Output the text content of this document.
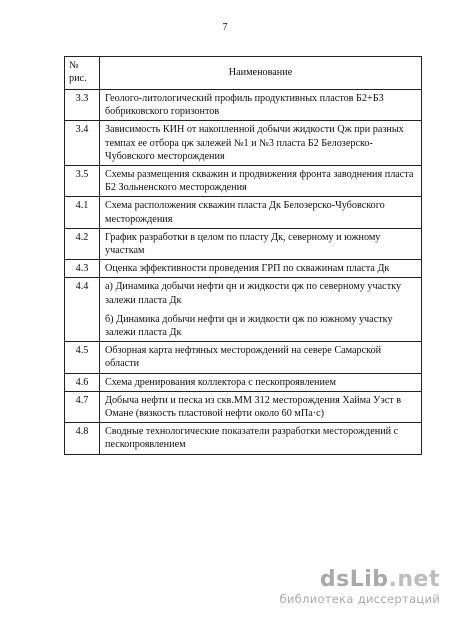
7
№
рис.	Наименование
3.3	Геолого-литологический профиль продуктивных пластов Б2+Б3 бобриковского горизонтов

3.4	Зависимость КИН от накопленной добычи жидкости Qж при разных темпах ее отбора qж залежей №1 и №3 пласта Б2 Белозерско-Чубовского месторождения

3.5	Схемы размещения скважин и продвижения фронта заводнения пласта Б2 Зольненского месторождения

4.1	Схема расположения скважин пласта Дк Белозерско-Чубовского месторождения

4.2	График разработки в целом по пласту Дк, северному и южному участкам

4.3	Оценка эффективности проведения ГРП по скважинам пласта Дк

4.4	а) Динамика добычи нефти qн и жидкости qж по северному участку залежи пласта Дк
б) Динамика добычи нефти qн и жидкости qж по южному участку залежи пласта Дк

4.5	Обзорная карта нефтяных месторождений на севере Самарской области

4.6	Схема дренирования коллектора с пескопроявлением

4.7	Добыча нефти и песка из скв.ММ 312 месторождения Хайма Уэст в Омане (вязкость пластовой нефти около 60 мПа·с)

4.8	Сводные технологические показатели разработки месторождений с пескопроявлением
dsLib.net
библиотека диссертаций
